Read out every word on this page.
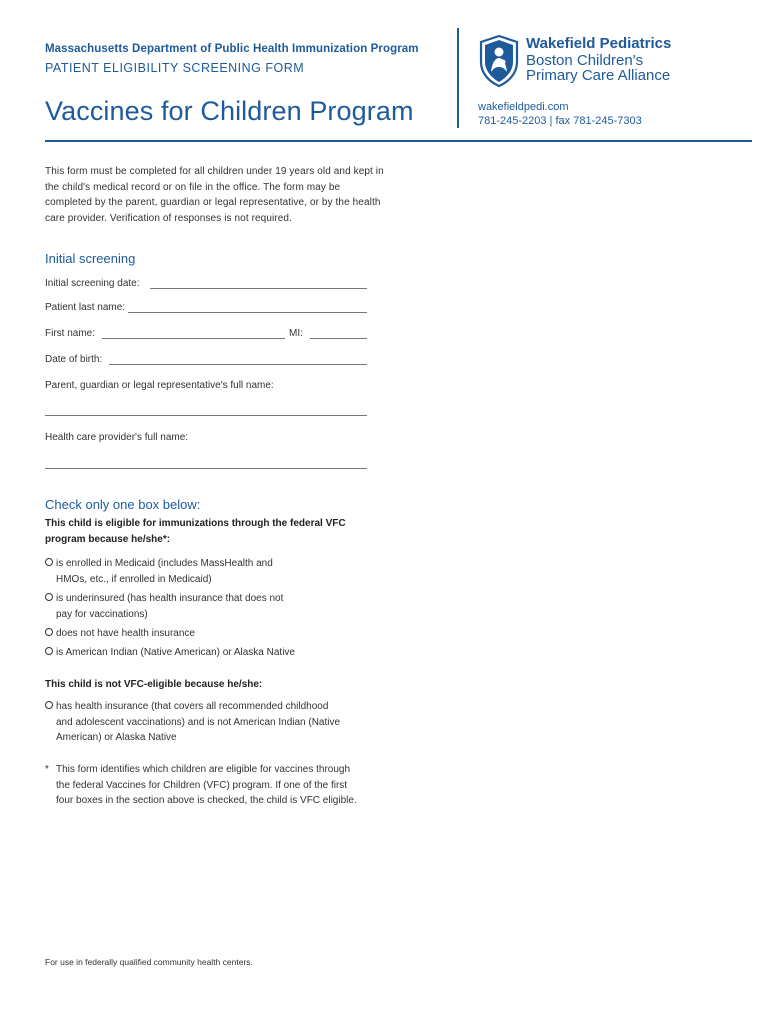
Massachusetts Department of Public Health Immunization Program
PATIENT ELIGIBILITY SCREENING FORM
Vaccines for Children Program
Wakefield Pediatrics
Boston Children's
Primary Care Alliance
wakefieldpedi.com
781-245-2203 | fax 781-245-7303
This form must be completed for all children under 19 years old and kept in the child's medical record or on file in the office. The form may be completed by the parent, guardian or legal representative, or by the health care provider. Verification of responses is not required.
Initial screening
Initial screening date:
Patient last name:
First name:	MI:
Date of birth:
Parent, guardian or legal representative's full name:
Health care provider's full name:
Check only one box below:
This child is eligible for immunizations through the federal VFC
program because he/she*:
is enrolled in Medicaid (includes MassHealth and
HMOs, etc., if enrolled in Medicaid)
is underinsured (has health insurance that does not
pay for vaccinations)
does not have health insurance
is American Indian (Native American) or Alaska Native
This child is not VFC-eligible because he/she:
has health insurance (that covers all recommended childhood
and adolescent vaccinations) and is not American Indian (Native
American) or Alaska Native
* This form identifies which children are eligible for vaccines through
the federal Vaccines for Children (VFC) program. If one of the first
four boxes in the section above is checked, the child is VFC eligible.
For use in federally qualified community health centers.
